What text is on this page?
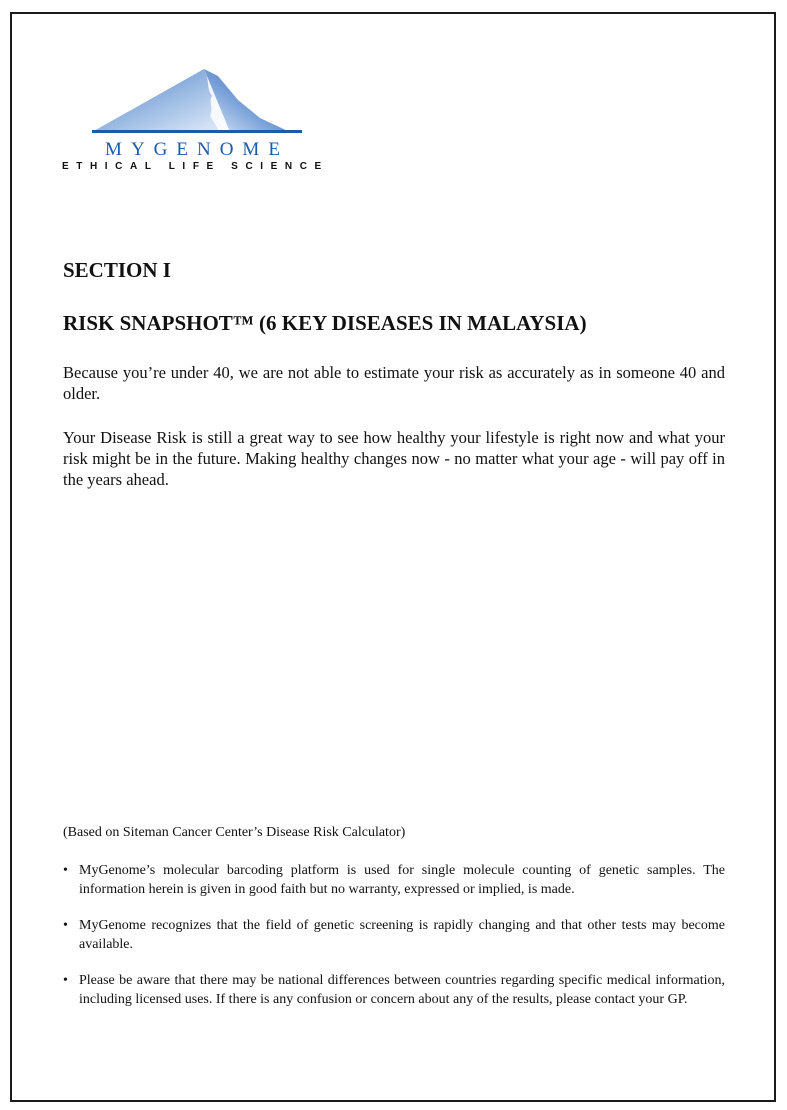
MYGENOME
ETHICAL LIFE SCIENCE
SECTION I
RISK SNAPSHOT™ (6 KEY DISEASES IN MALAYSIA)

Because you’re under 40, we are not able to estimate your risk as accurately as in someone 40 and older.

Your Disease Risk is still a great way to see how healthy your lifestyle is right now and what your risk might be in the future. Making healthy changes now - no matter what your age - will pay off in the years ahead.

(Based on Siteman Cancer Center’s Disease Risk Calculator)

• MyGenome’s molecular barcoding platform is used for single molecule counting of genetic samples. The information herein is given in good faith but no warranty, expressed or implied, is made.
• MyGenome recognizes that the field of genetic screening is rapidly changing and that other tests may become available.
• Please be aware that there may be national differences between countries regarding specific medical information, including licensed uses. If there is any confusion or concern about any of the results, please contact your GP.
